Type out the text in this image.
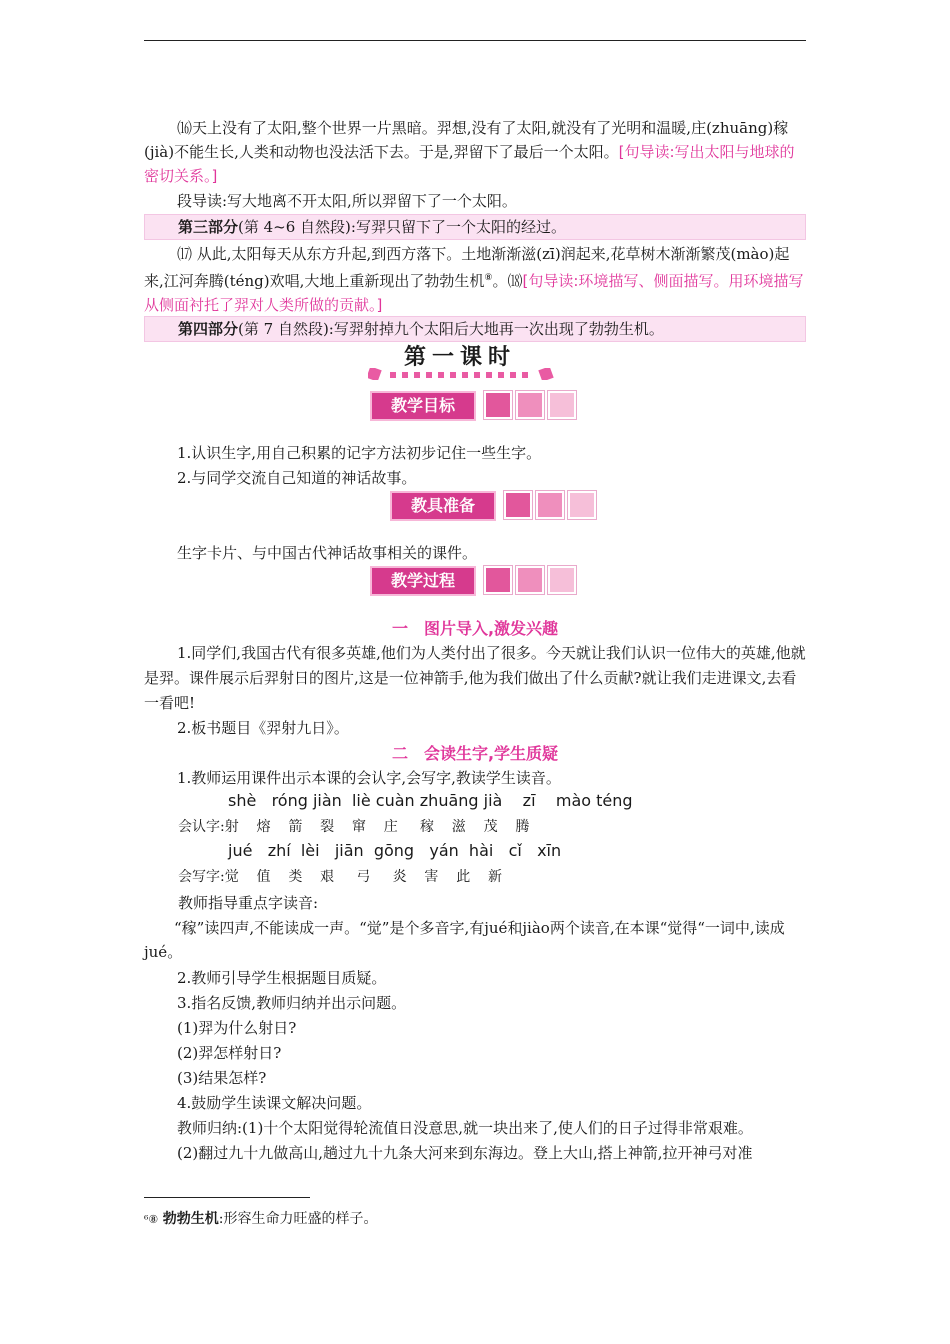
⒃天上没有了太阳,整个世界一片黑暗。羿想,没有了太阳,就没有了光明和温暖,庄(zhuāng)稼(jià)不能生长,人类和动物也没法活下去。于是,羿留下了最后一个太阳。[句导读:写出太阳与地球的密切关系。]

段导读:写大地离不开太阳,所以羿留下了一个太阳。

第三部分(第 4~6 自然段):写羿只留下了一个太阳的经过。

⒄ 从此,太阳每天从东方升起,到西方落下。土地渐渐滋(zī)润起来,花草树木渐渐繁茂(mào)起来,江河奔腾(téng)欢唱,大地上重新现出了勃勃生机⑧。⒅[句导读:环境描写、侧面描写。用环境描写从侧面衬托了羿对人类所做的贡献。]

第四部分(第 7 自然段):写羿射掉九个太阳后大地再一次出现了勃勃生机。
第一课时
教学目标

1.认识生字,用自己积累的记字方法初步记住一些生字。

2.与同学交流自己知道的神话故事。

教具准备

生字卡片、与中国古代神话故事相关的课件。

教学过程
一　图片导入,激发兴趣

1.同学们,我国古代有很多英雄,他们为人类付出了很多。今天就让我们认识一位伟大的英雄,他就是羿。课件展示后羿射日的图片,这是一位神箭手,他为我们做出了什么贡献?就让我们走进课文,去看一看吧!

2.板书题目《羿射九日》。

二　会读生字,学生质疑

1.教师运用课件出示本课的会认字,会写字,教读学生读音。

shè   róng jiàn  liè cuàn zhuāng jià    zī    mào téng
会认字:射    熔    箭    裂    窜    庄     稼    滋    茂    腾
jué   zhí  lèi   jiān  gōng   yán  hài   cǐ   xīn
会写字:觉    值    类    艰     弓     炎    害    此    新

教师指导重点字读音:

“稼”读四声,不能读成一声。“觉”是个多音字,有jué和jiào两个读音,在本课“觉得“一词中,读成jué。

2.教师引导学生根据题目质疑。

3.指名反馈,教师归纳并出示问题。

(1)羿为什么射日?

(2)羿怎样射日?

(3)结果怎样?

4.鼓励学生读课文解决问题。

教师归纳:(1)十个太阳觉得轮流值日没意思,就一块出来了,使人们的日子过得非常艰难。

(2)翻过九十九做高山,趟过九十九条大河来到东海边。登上大山,搭上神箭,拉开神弓对准

⁶⑧ 勃勃生机:形容生命力旺盛的样子。
